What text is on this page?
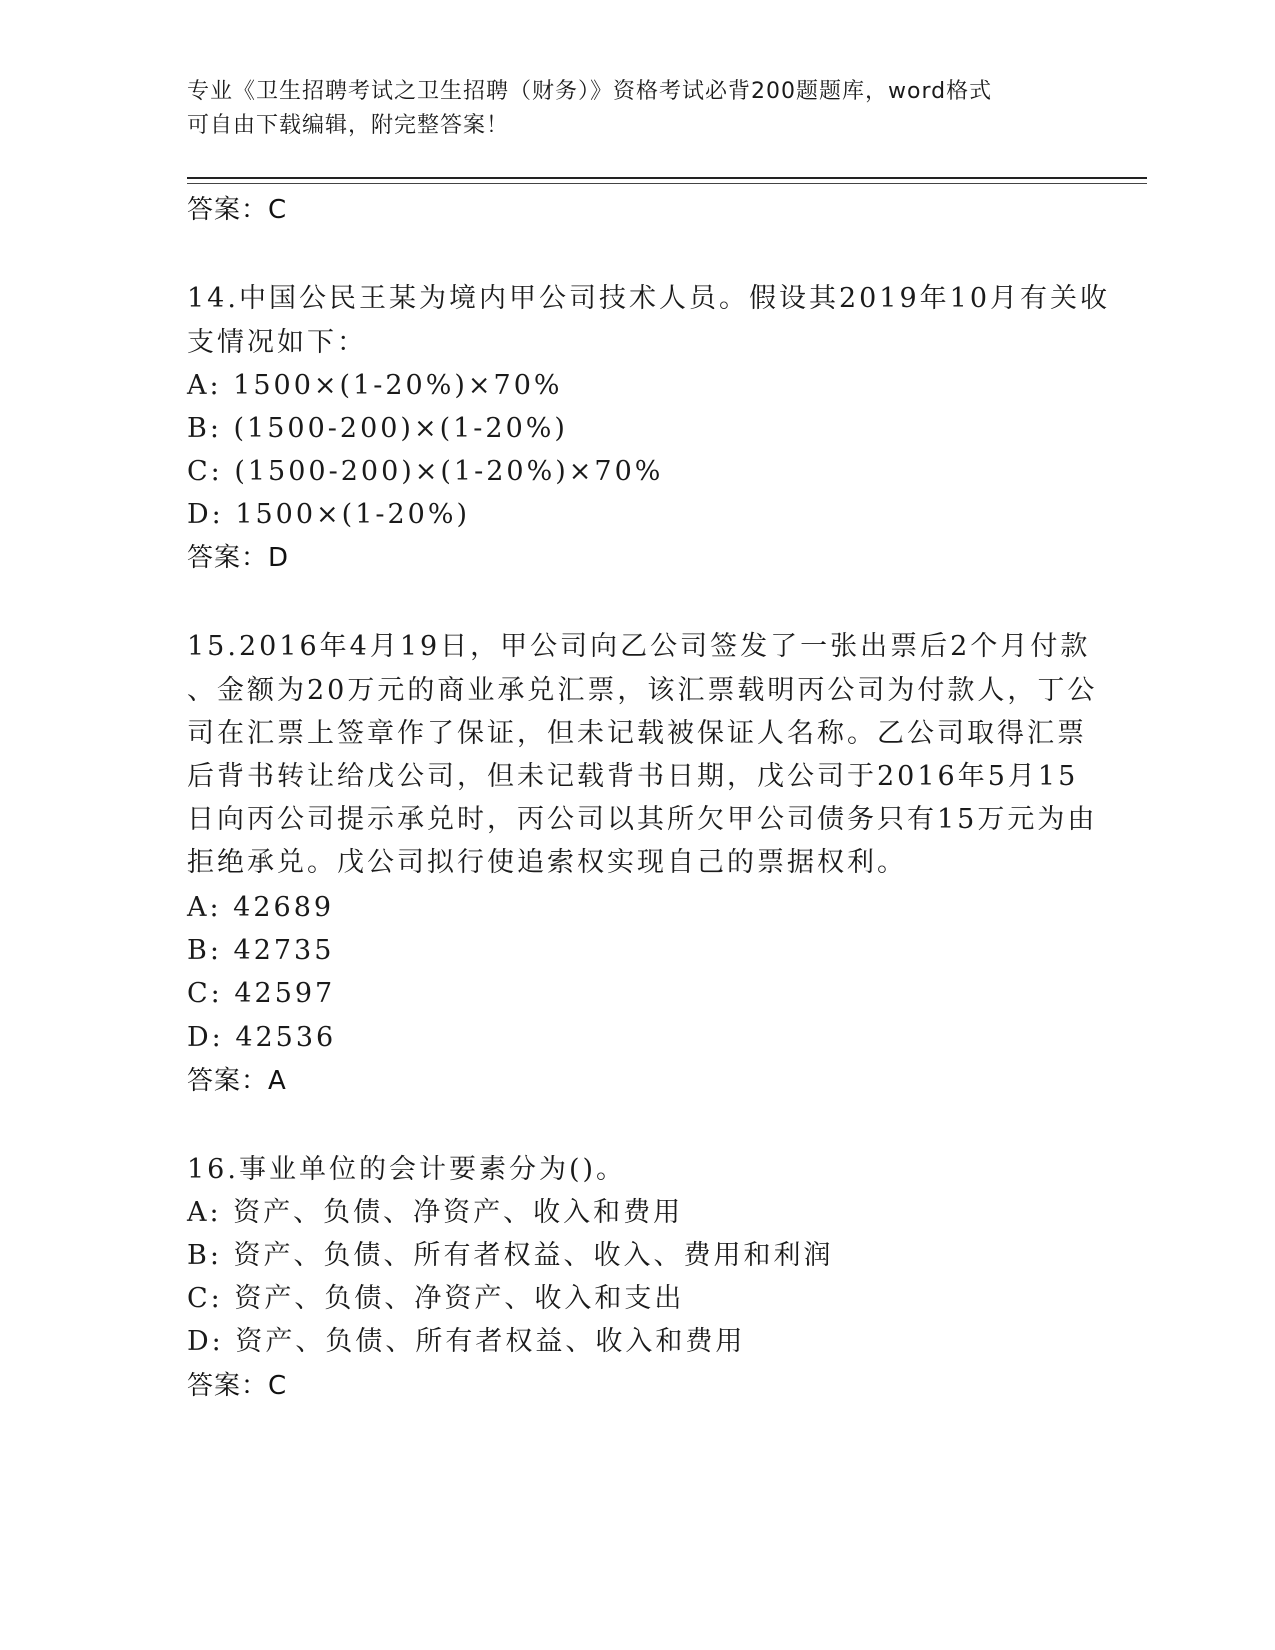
专业《卫生招聘考试之卫生招聘（财务）》资格考试必背200题题库，word格式
可自由下载编辑，附完整答案！
答案：C
14.中国公民王某为境内甲公司技术人员。假设其2019年10月有关收
支情况如下：
A: 1500×(1-20%)×70%
B: (1500-200)×(1-20%)
C: (1500-200)×(1-20%)×70%
D: 1500×(1-20%)
答案：D
15.2016年4月19日，甲公司向乙公司签发了一张出票后2个月付款
、金额为20万元的商业承兑汇票，该汇票载明丙公司为付款人，丁公
司在汇票上签章作了保证，但未记载被保证人名称。乙公司取得汇票
后背书转让给戊公司，但未记载背书日期，戊公司于2016年5月15
日向丙公司提示承兑时，丙公司以其所欠甲公司债务只有15万元为由
拒绝承兑。戊公司拟行使追索权实现自己的票据权利。
A: 42689
B: 42735
C: 42597
D: 42536
答案：A
16.事业单位的会计要素分为()。
A: 资产、负债、净资产、收入和费用
B: 资产、负债、所有者权益、收入、费用和利润
C: 资产、负债、净资产、收入和支出
D: 资产、负债、所有者权益、收入和费用
答案：C
